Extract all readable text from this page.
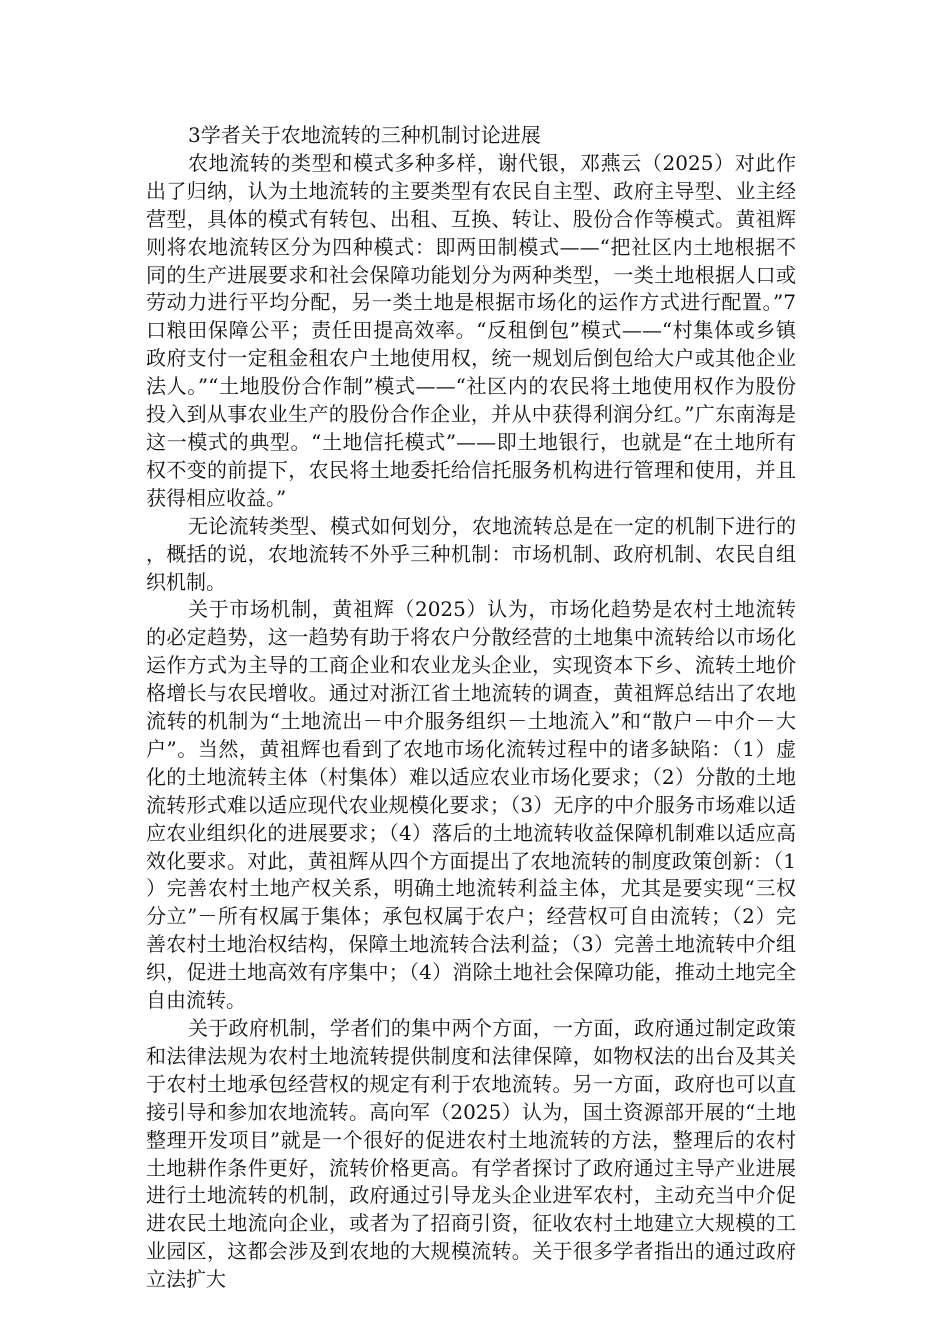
3学者关于农地流转的三种机制讨论进展

农地流转的类型和模式多种多样，谢代银，邓燕云（2025）对此作出了归纳，认为土地流转的主要类型有农民自主型、政府主导型、业主经营型，具体的模式有转包、出租、互换、转让、股份合作等模式。黄祖辉则将农地流转区分为四种模式：即两田制模式——“把社区内土地根据不同的生产进展要求和社会保障功能划分为两种类型，一类土地根据人口或劳动力进行平均分配，另一类土地是根据市场化的运作方式进行配置。”7口粮田保障公平；责任田提高效率。“反租倒包”模式——“村集体或乡镇政府支付一定租金租农户土地使用权，统一规划后倒包给大户或其他企业法人。”“土地股份合作制”模式——“社区内的农民将土地使用权作为股份投入到从事农业生产的股份合作企业，并从中获得利润分红。”广东南海是这一模式的典型。“土地信托模式”——即土地银行，也就是“在土地所有权不变的前提下，农民将土地委托给信托服务机构进行管理和使用，并且获得相应收益。”

无论流转类型、模式如何划分，农地流转总是在一定的机制下进行的，概括的说，农地流转不外乎三种机制：市场机制、政府机制、农民自组织机制。

关于市场机制，黄祖辉（2025）认为，市场化趋势是农村土地流转的必定趋势，这一趋势有助于将农户分散经营的土地集中流转给以市场化运作方式为主导的工商企业和农业龙头企业，实现资本下乡、流转土地价格增长与农民增收。通过对浙江省土地流转的调查，黄祖辉总结出了农地流转的机制为“土地流出－中介服务组织－土地流入”和“散户－中介－大户”。当然，黄祖辉也看到了农地市场化流转过程中的诸多缺陷：（1）虚化的土地流转主体（村集体）难以适应农业市场化要求；（2）分散的土地流转形式难以适应现代农业规模化要求；（3）无序的中介服务市场难以适应农业组织化的进展要求；（4）落后的土地流转收益保障机制难以适应高效化要求。对此，黄祖辉从四个方面提出了农地流转的制度政策创新：（1）完善农村土地产权关系，明确土地流转利益主体，尤其是要实现“三权分立”－所有权属于集体；承包权属于农户；经营权可自由流转；（2）完善农村土地治权结构，保障土地流转合法利益；（3）完善土地流转中介组织，促进土地高效有序集中；（4）消除土地社会保障功能，推动土地完全自由流转。

关于政府机制，学者们的集中两个方面，一方面，政府通过制定政策和法律法规为农村土地流转提供制度和法律保障，如物权法的出台及其关于农村土地承包经营权的规定有利于农地流转。另一方面，政府也可以直接引导和参加农地流转。高向军（2025）认为，国土资源部开展的“土地整理开发项目”就是一个很好的促进农村土地流转的方法，整理后的农村土地耕作条件更好，流转价格更高。有学者探讨了政府通过主导产业进展进行土地流转的机制，政府通过引导龙头企业进军农村，主动充当中介促进农民土地流向企业，或者为了招商引资，征收农村土地建立大规模的工业园区，这都会涉及到农地的大规模流转。关于很多学者指出的通过政府立法扩大
